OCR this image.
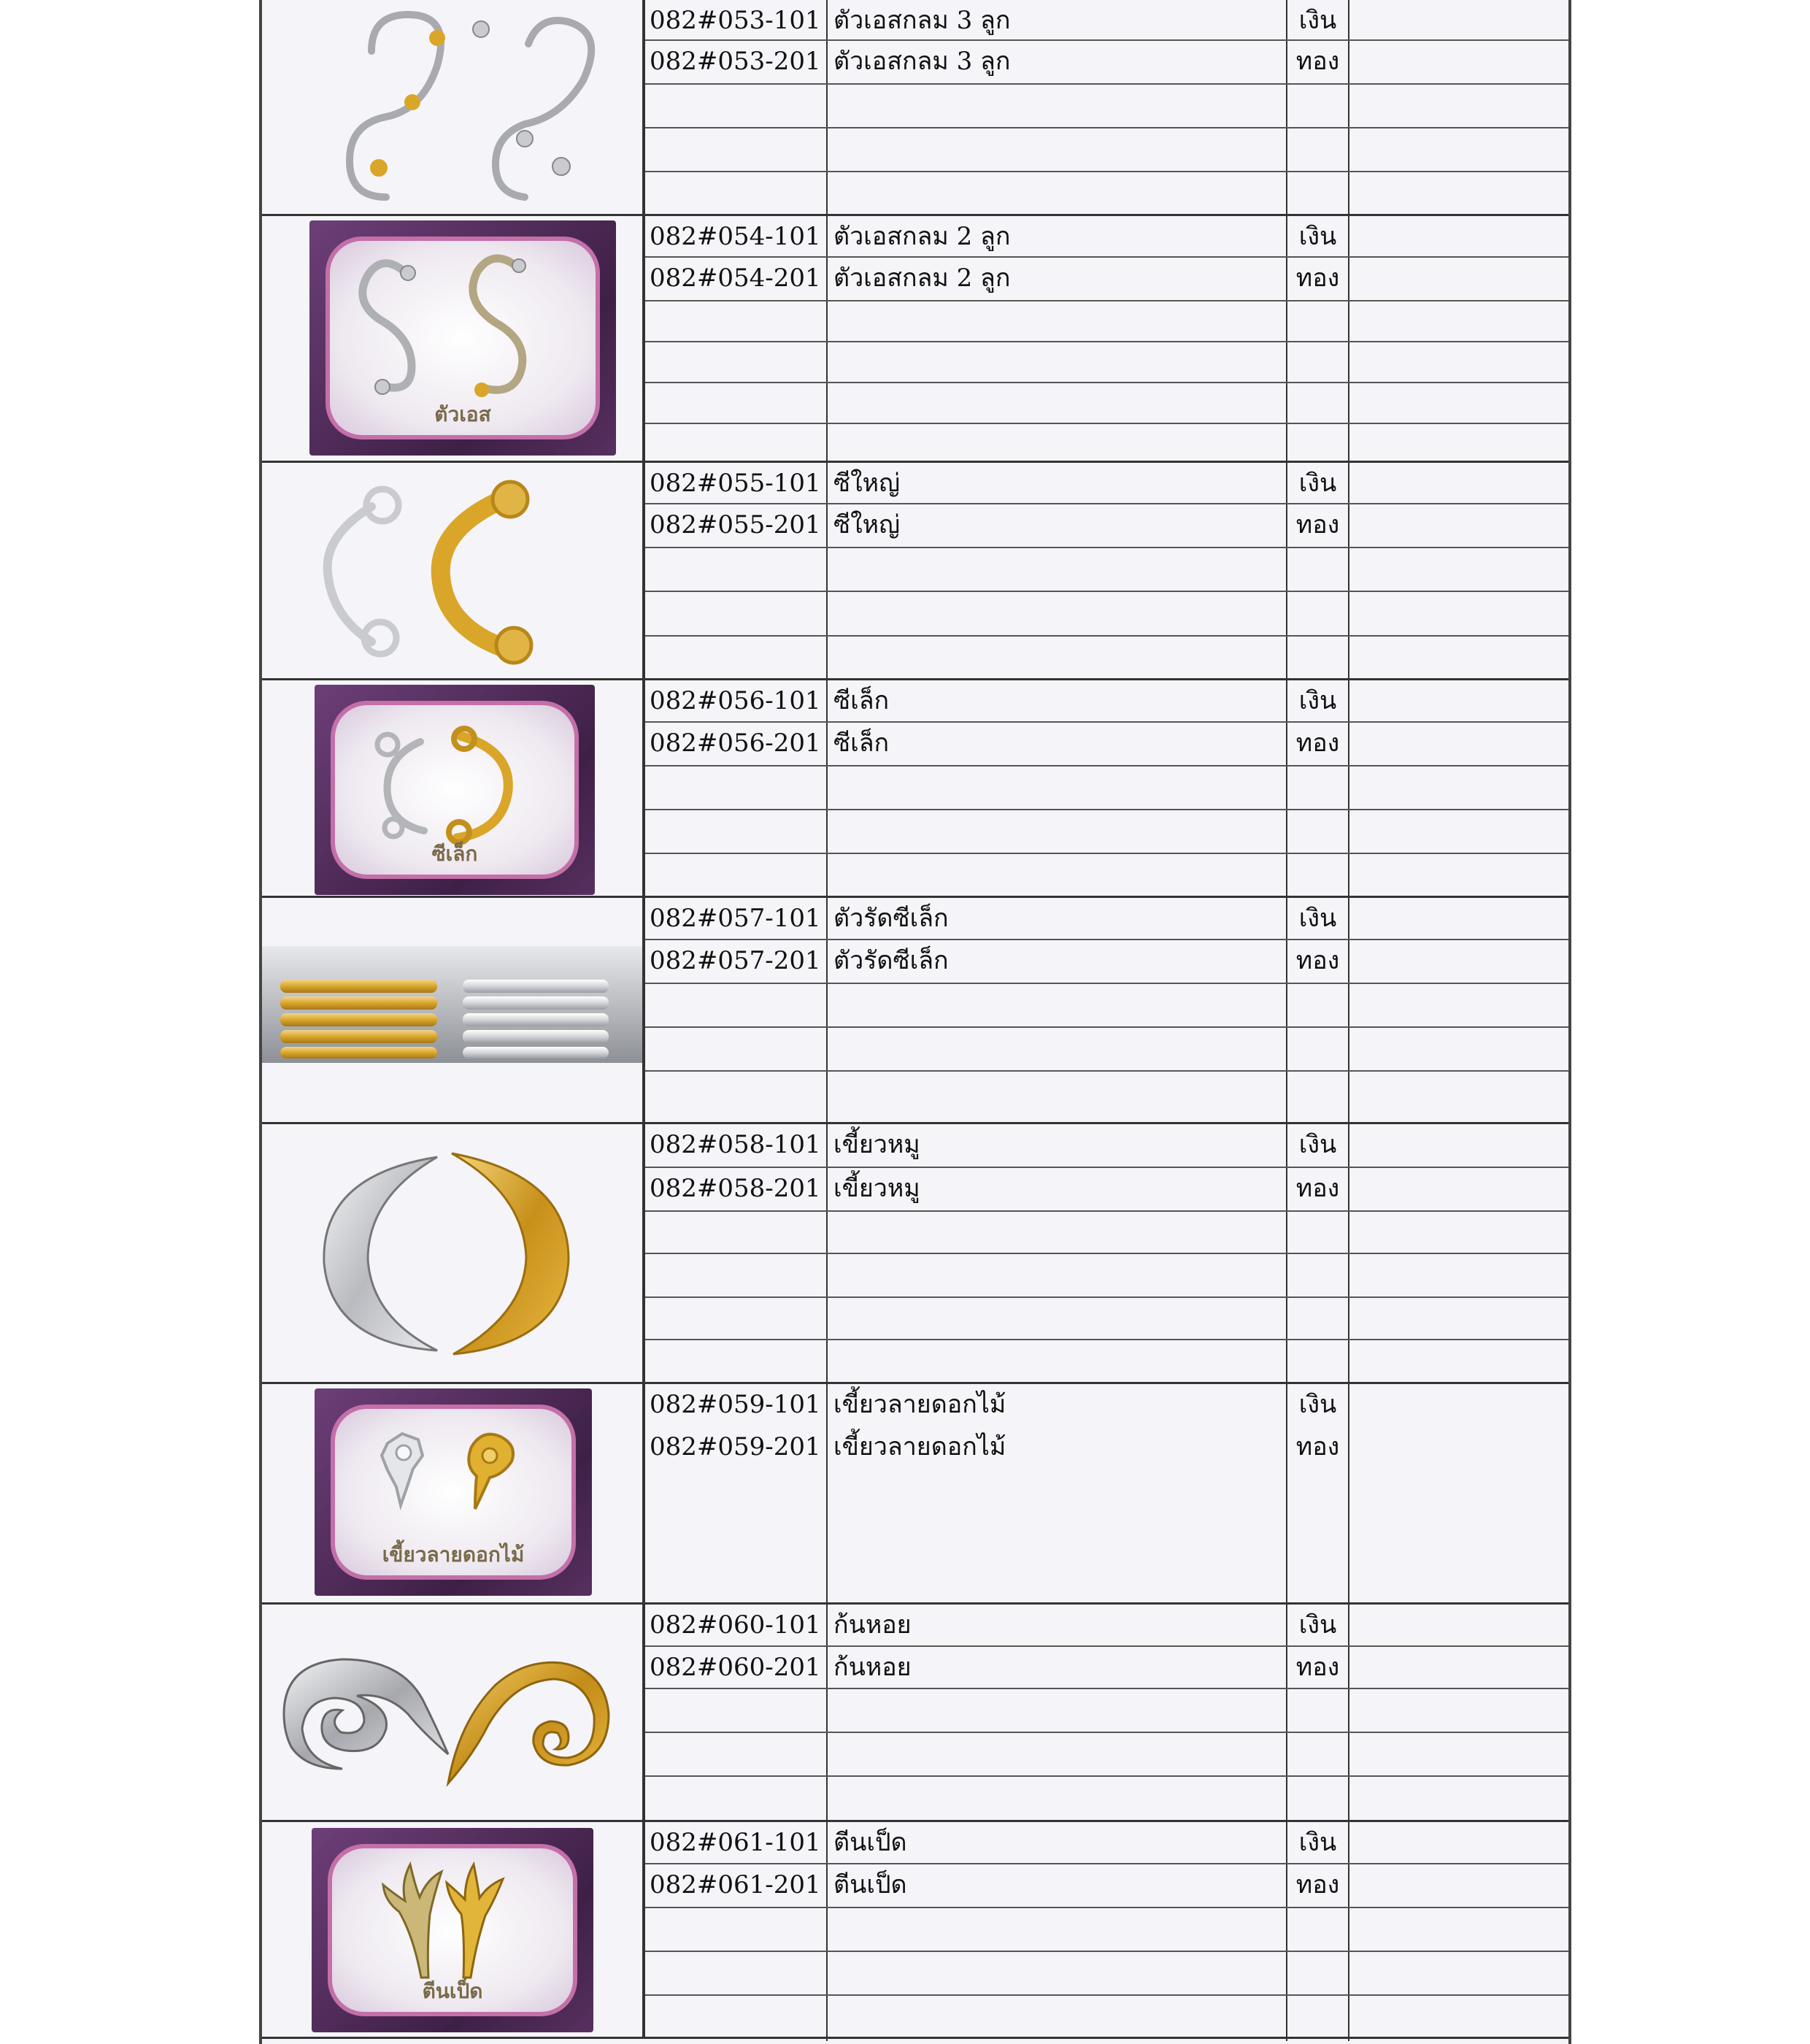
082#053-101 ตัวเอสกลม 3 ลูก	เงิน
082#053-201 ตัวเอสกลม 3 ลูก	ทอง
ตัวเอส
082#054-101 ตัวเอสกลม 2 ลูก	เงิน
082#054-201 ตัวเอสกลม 2 ลูก	ทอง
082#055-101 ซีใหญ่	เงิน
082#055-201 ซีใหญ่	ทอง
ซีเล็ก
082#056-101 ซีเล็ก	เงิน
082#056-201 ซีเล็ก	ทอง
082#057-101 ตัวรัดซีเล็ก	เงิน
082#057-201 ตัวรัดซีเล็ก	ทอง
082#058-101 เขี้ยวหมู	เงิน
082#058-201 เขี้ยวหมู	ทอง
เขี้ยวลายดอกไม้
082#059-101 เขี้ยวลายดอกไม้	เงิน
082#059-201 เขี้ยวลายดอกไม้	ทอง
082#060-101 ก้นหอย	เงิน
082#060-201 ก้นหอย	ทอง
ตีนเป็ด
082#061-101 ตีนเป็ด	เงิน
082#061-201 ตีนเป็ด	ทอง
